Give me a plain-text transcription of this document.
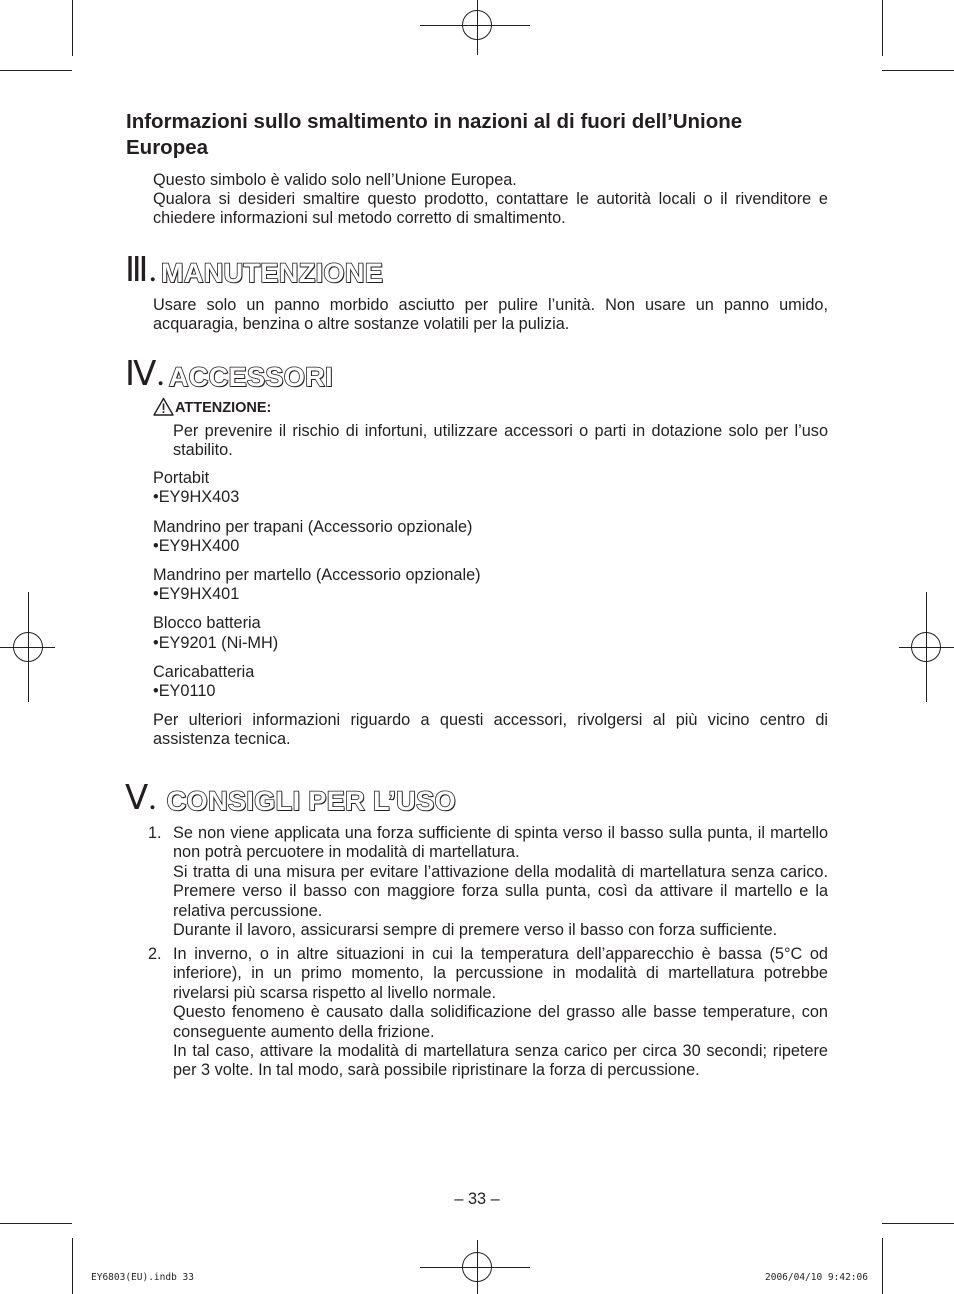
Informazioni sullo smaltimento in nazioni al di fuori dell’Unione Europea
Questo simbolo è valido solo nell’Unione Europea.
Qualora si desideri smaltire questo prodotto, contattare le autorità locali o il rivenditore e chiedere informazioni sul metodo corretto di smaltimento.
Ⅲ. MANUTENZIONE
Usare solo un panno morbido asciutto per pulire l’unità. Non usare un panno umido, acquaragia, benzina o altre sostanze volatili per la pulizia.
Ⅳ. ACCESSORI
ATTENZIONE:
Per prevenire il rischio di infortuni, utilizzare accessori o parti in dotazione solo per l’uso stabilito.
Portabit
•EY9HX403
Mandrino per trapani (Accessorio opzionale)
•EY9HX400
Mandrino per martello (Accessorio opzionale)
•EY9HX401
Blocco batteria
•EY9201 (Ni-MH)
Caricabatteria
•EY0110
Per ulteriori informazioni riguardo a questi accessori, rivolgersi al più vicino centro di assistenza tecnica.
Ⅴ. CONSIGLI PER L’USO
1. Se non viene applicata una forza sufficiente di spinta verso il basso sulla punta, il martello non potrà percuotere in modalità di martellatura.

Si tratta di una misura per evitare l’attivazione della modalità di martellatura senza carico. Premere verso il basso con maggiore forza sulla punta, così da attivare il martello e la relativa percussione.

Durante il lavoro, assicurarsi sempre di premere verso il basso con forza sufficiente.

2. In inverno, o in altre situazioni in cui la temperatura dell’apparecchio è bassa (5°C od inferiore), in un primo momento, la percussione in modalità di martellatura potrebbe rivelarsi più scarsa rispetto al livello normale.

Questo fenomeno è causato dalla solidificazione del grasso alle basse temperature, con conseguente aumento della frizione.

In tal caso, attivare la modalità di martellatura senza carico per circa 30 secondi; ripetere per 3 volte. In tal modo, sarà possibile ripristinare la forza di percussione.

– 33 –
EY6803(EU).indb 33	2006/04/10 9:42:06
